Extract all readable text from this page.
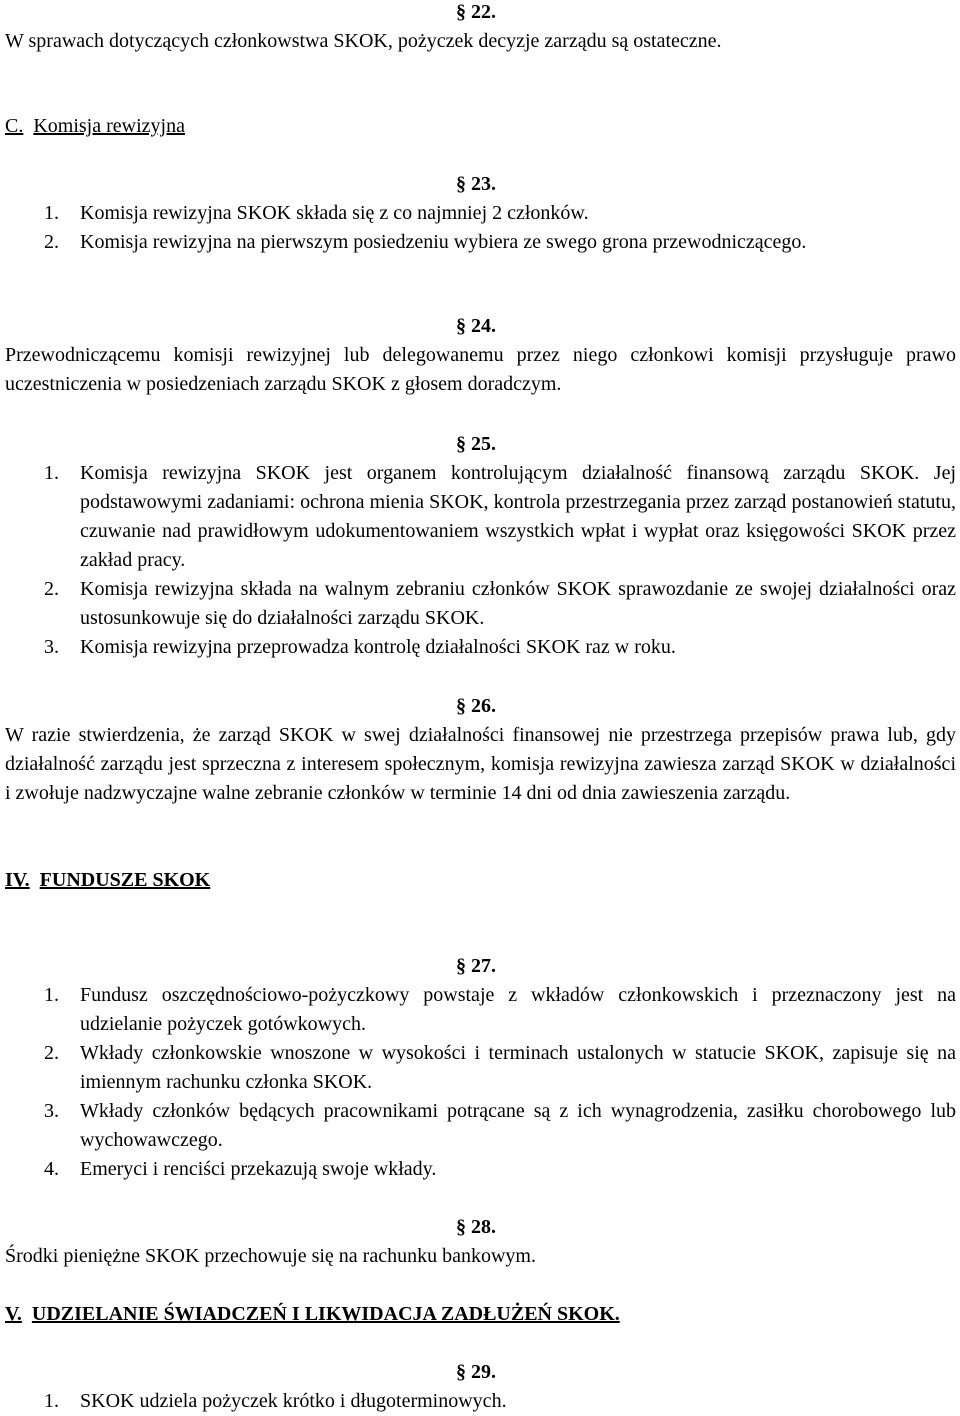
§ 22.
W sprawach dotyczących członkowstwa SKOK, pożyczek decyzje zarządu są ostateczne.
C. Komisja rewizyjna
§ 23.
1. Komisja rewizyjna SKOK składa się z co najmniej 2 członków.
2. Komisja rewizyjna na pierwszym posiedzeniu wybiera ze swego grona przewodniczącego.
§ 24.
Przewodniczącemu komisji rewizyjnej lub delegowanemu przez niego członkowi komisji przysługuje prawo uczestniczenia w posiedzeniach zarządu SKOK z głosem doradczym.
§ 25.
1. Komisja rewizyjna SKOK jest organem kontrolującym działalność finansową zarządu SKOK. Jej podstawowymi zadaniami: ochrona mienia SKOK, kontrola przestrzegania przez zarząd postanowień statutu, czuwanie nad prawidłowym udokumentowaniem wszystkich wpłat i wypłat oraz księgowości SKOK przez zakład pracy.
2. Komisja rewizyjna składa na walnym zebraniu członków SKOK sprawozdanie ze swojej działalności oraz ustosunkowuje się do działalności zarządu SKOK.
3. Komisja rewizyjna przeprowadza kontrolę działalności SKOK raz w roku.
§ 26.
W razie stwierdzenia, że zarząd SKOK w swej działalności finansowej nie przestrzega przepisów prawa lub, gdy działalność zarządu jest sprzeczna z interesem społecznym, komisja rewizyjna zawiesza zarząd SKOK w działalności i zwołuje nadzwyczajne walne zebranie członków w terminie 14 dni od dnia zawieszenia zarządu.
IV. FUNDUSZE SKOK
§ 27.
1. Fundusz oszczędnościowo-pożyczkowy powstaje z wkładów członkowskich i przeznaczony jest na udzielanie pożyczek gotówkowych.
2. Wkłady członkowskie wnoszone w wysokości i terminach ustalonych w statucie SKOK, zapisuje się na imiennym rachunku członka SKOK.
3. Wkłady członków będących pracownikami potrącane są z ich wynagrodzenia, zasiłku chorobowego lub wychowawczego.
4. Emeryci i renciści przekazują swoje wkłady.
§ 28.
Środki pieniężne SKOK przechowuje się na rachunku bankowym.
V. UDZIELANIE ŚWIADCZEŃ I LIKWIDACJA ZADŁUŻEŃ SKOK.
§ 29.
1. SKOK udziela pożyczek krótko i długoterminowych.
